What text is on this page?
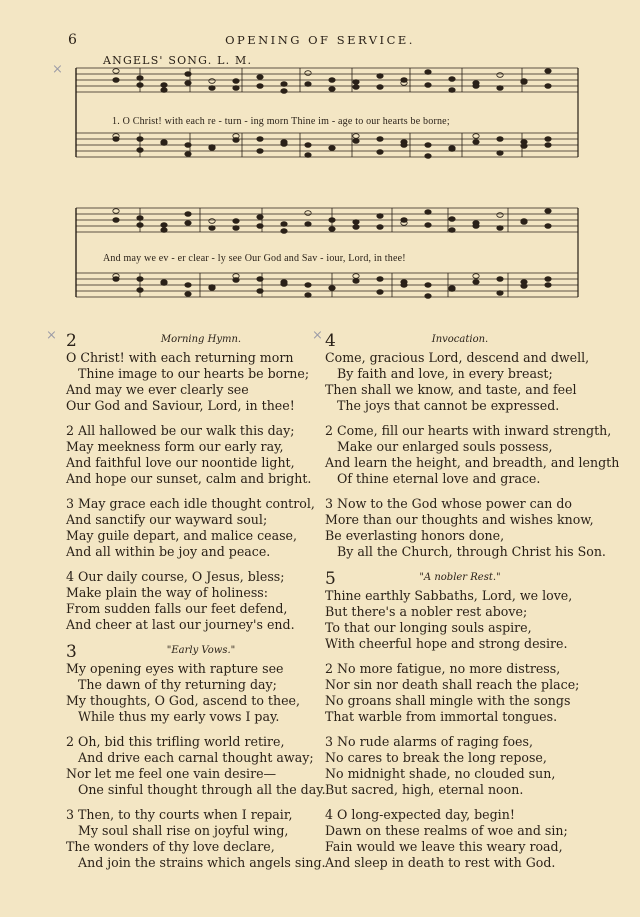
6	OPENING OF SERVICE.
ANGELS' SONG. L. M.
1. O Christ! with each re - turn - ing morn Thine im - age to our hearts be borne;
And may we ev - er clear - ly see Our God and Sav - iour, Lord, in thee!
×	×
×
2	Morning Hymn.
O Christ! with each returning morn
Thine image to our hearts be borne;
And may we ever clearly see
Our God and Saviour, Lord, in thee!
2 All hallowed be our walk this day;
May meekness form our early ray,
And faithful love our noontide light,
And hope our sunset, calm and bright.
3 May grace each idle thought control,
And sanctify our wayward soul;
May guile depart, and malice cease,
And all within be joy and peace.
4 Our daily course, O Jesus, bless;
Make plain the way of holiness:
From sudden falls our feet defend,
And cheer at last our journey's end.
3	"Early Vows."
My opening eyes with rapture see
The dawn of thy returning day;
My thoughts, O God, ascend to thee,
While thus my early vows I pay.
2 Oh, bid this trifling world retire,
And drive each carnal thought away;
Nor let me feel one vain desire—
One sinful thought through all the day.
3 Then, to thy courts when I repair,
My soul shall rise on joyful wing,
The wonders of thy love declare,
And join the strains which angels sing.
4	Invocation.
Come, gracious Lord, descend and dwell,
By faith and love, in every breast;
Then shall we know, and taste, and feel
The joys that cannot be expressed.
2 Come, fill our hearts with inward strength,
Make our enlarged souls possess,
And learn the height, and breadth, and length
Of thine eternal love and grace.
3 Now to the God whose power can do
More than our thoughts and wishes know,
Be everlasting honors done,
By all the Church, through Christ his Son.
5	"A nobler Rest."
Thine earthly Sabbaths, Lord, we love,
But there's a nobler rest above;
To that our longing souls aspire,
With cheerful hope and strong desire.
2 No more fatigue, no more distress,
Nor sin nor death shall reach the place;
No groans shall mingle with the songs
That warble from immortal tongues.
3 No rude alarms of raging foes,
No cares to break the long repose,
No midnight shade, no clouded sun,
But sacred, high, eternal noon.
4 O long-expected day, begin!
Dawn on these realms of woe and sin;
Fain would we leave this weary road,
And sleep in death to rest with God.
